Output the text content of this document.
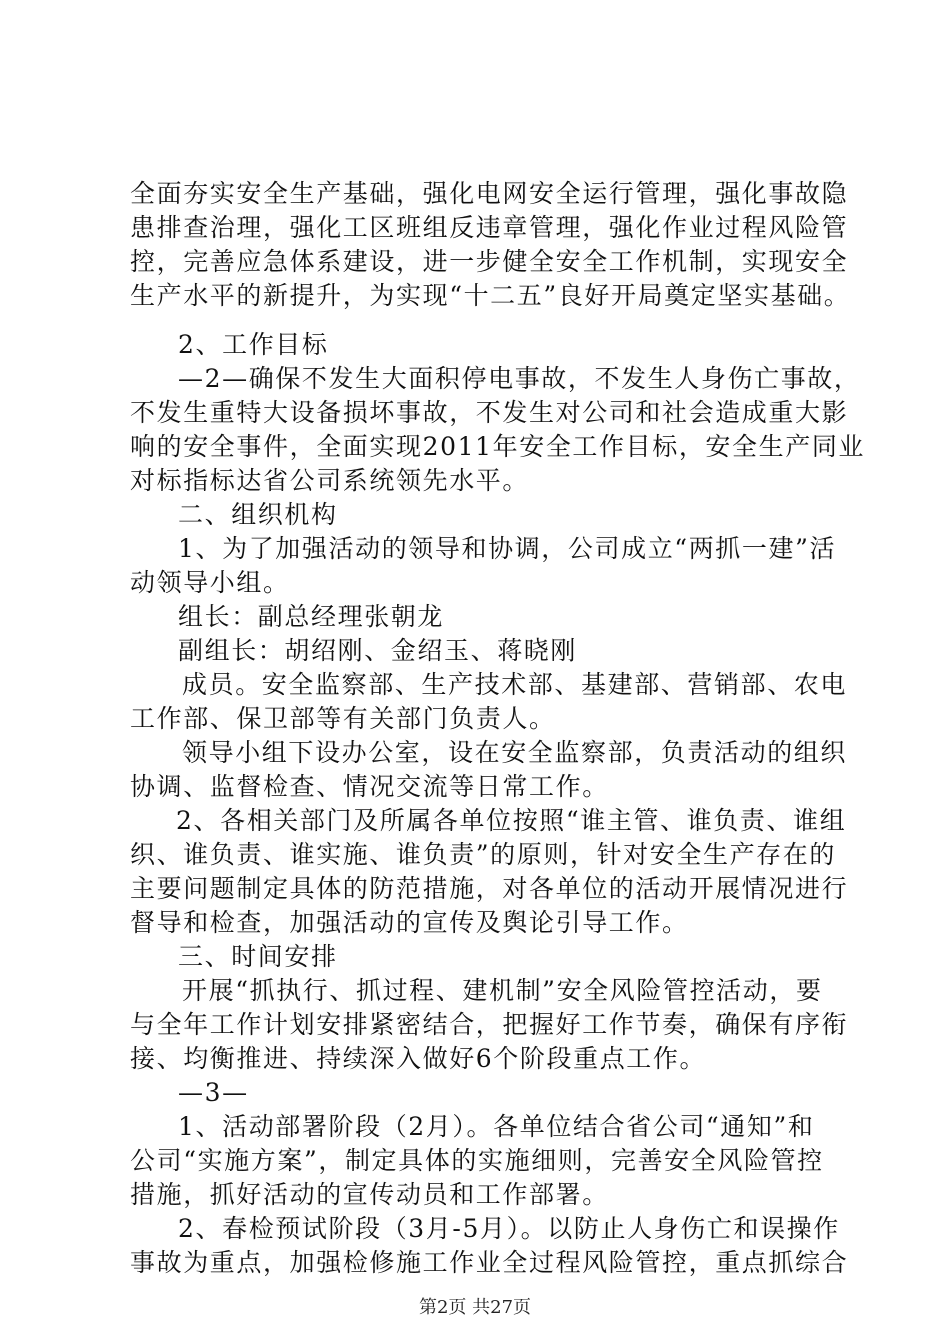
全面夯实安全生产基础，强化电网安全运行管理，强化事故隐
患排查治理，强化工区班组反违章管理，强化作业过程风险管
控，完善应急体系建设，进一步健全安全工作机制，实现安全
生产水平的新提升，为实现“十二五”良好开局奠定坚实基础。
2、工作目标
—2—确保不发生大面积停电事故，不发生人身伤亡事故，
不发生重特大设备损坏事故，不发生对公司和社会造成重大影
响的安全事件，全面实现2011年安全工作目标，安全生产同业
对标指标达省公司系统领先水平。
二、组织机构
1、为了加强活动的领导和协调，公司成立“两抓一建”活
动领导小组。
组长：副总经理张朝龙
副组长：胡绍刚、金绍玉、蒋晓刚
成员。安全监察部、生产技术部、基建部、营销部、农电
工作部、保卫部等有关部门负责人。
领导小组下设办公室，设在安全监察部，负责活动的组织
协调、监督检查、情况交流等日常工作。
2、各相关部门及所属各单位按照“谁主管、谁负责、谁组
织、谁负责、谁实施、谁负责”的原则，针对安全生产存在的
主要问题制定具体的防范措施，对各单位的活动开展情况进行
督导和检查，加强活动的宣传及舆论引导工作。
三、时间安排
开展“抓执行、抓过程、建机制”安全风险管控活动，要
与全年工作计划安排紧密结合，把握好工作节奏，确保有序衔
接、均衡推进、持续深入做好6个阶段重点工作。
—3—
1、活动部署阶段（2月）。各单位结合省公司“通知”和
公司“实施方案”，制定具体的实施细则，完善安全风险管控
措施，抓好活动的宣传动员和工作部署。
2、春检预试阶段（3月-5月）。以防止人身伤亡和误操作
事故为重点，加强检修施工作业全过程风险管控，重点抓综合
第2页 共27页
